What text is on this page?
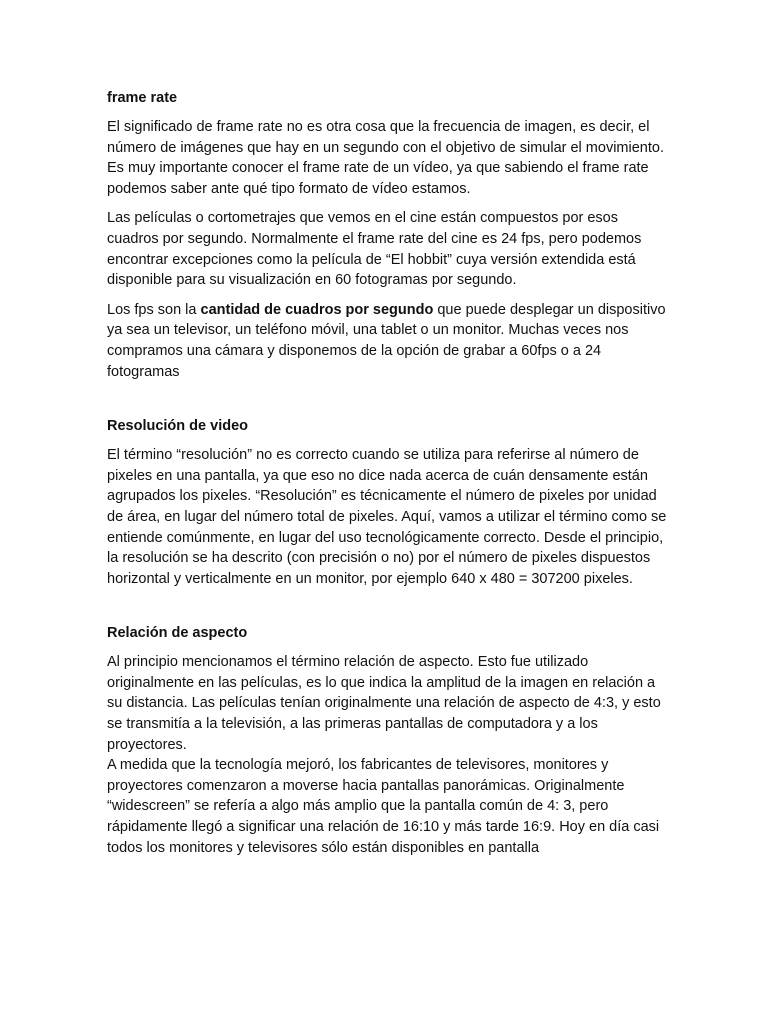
frame rate

El significado de frame rate no es otra cosa que la frecuencia de imagen, es decir, el número de imágenes que hay en un segundo con el objetivo de simular el movimiento. Es muy importante conocer el frame rate de un vídeo, ya que sabiendo el frame rate podemos saber ante qué tipo formato de vídeo estamos.

Las películas o cortometrajes que vemos en el cine están compuestos por esos cuadros por segundo. Normalmente el frame rate del cine es 24 fps, pero podemos encontrar excepciones como la película de “El hobbit” cuya versión extendida está disponible para su visualización en 60 fotogramas por segundo.

Los fps son la cantidad de cuadros por segundo que puede desplegar un dispositivo ya sea un televisor, un teléfono móvil, una tablet o un monitor. Muchas veces nos compramos una cámara y disponemos de la opción de grabar a 60fps o a 24 fotogramas

Resolución de video

El término “resolución” no es correcto cuando se utiliza para referirse al número de pixeles en una pantalla, ya que eso no dice nada acerca de cuán densamente están agrupados los pixeles. “Resolución” es técnicamente el número de pixeles por unidad de área, en lugar del número total de pixeles. Aquí, vamos a utilizar el término como se entiende comúnmente, en lugar del uso tecnológicamente correcto. Desde el principio, la resolución se ha descrito (con precisión o no) por el número de pixeles dispuestos horizontal y verticalmente en un monitor, por ejemplo 640 x 480 = 307200 pixeles.

Relación de aspecto

Al principio mencionamos el término relación de aspecto. Esto fue utilizado originalmente en las películas, es lo que indica la amplitud de la imagen en relación a su distancia. Las películas tenían originalmente una relación de aspecto de 4:3, y esto se transmitía a la televisión, a las primeras pantallas de computadora y a los proyectores.

A medida que la tecnología mejoró, los fabricantes de televisores, monitores y proyectores comenzaron a moverse hacia pantallas panorámicas. Originalmente “widescreen” se refería a algo más amplio que la pantalla común de 4: 3, pero rápidamente llegó a significar una relación de 16:10 y más tarde 16:9. Hoy en día casi todos los monitores y televisores sólo están disponibles en pantalla
